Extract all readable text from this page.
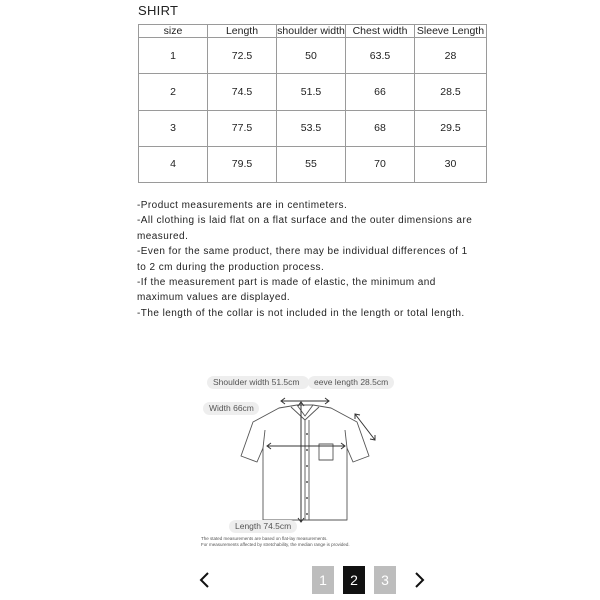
SHIRT
size	Length	shoulder width	Chest width	Sleeve Length
1	72.5	50	63.5	28
2	74.5	51.5	66	28.5
3	77.5	53.5	68	29.5
4	79.5	55	70	30

-Product measurements are in centimeters.

-All clothing is laid flat on a flat surface and the outer dimensions are measured.

-Even for the same product, there may be individual differences of 1 to 2 cm during the production process.

-If the measurement part is made of elastic, the minimum and maximum values are displayed.

-The length of the collar is not included in the length or total length.

Shoulder width 51.5cm	eeve length 28.5cm
Width 66cm
Length 74.5cm
The stated measurements are based on flat-lay measurements.
For measurements affected by stretchability, the median range is provided.
1	2	3
